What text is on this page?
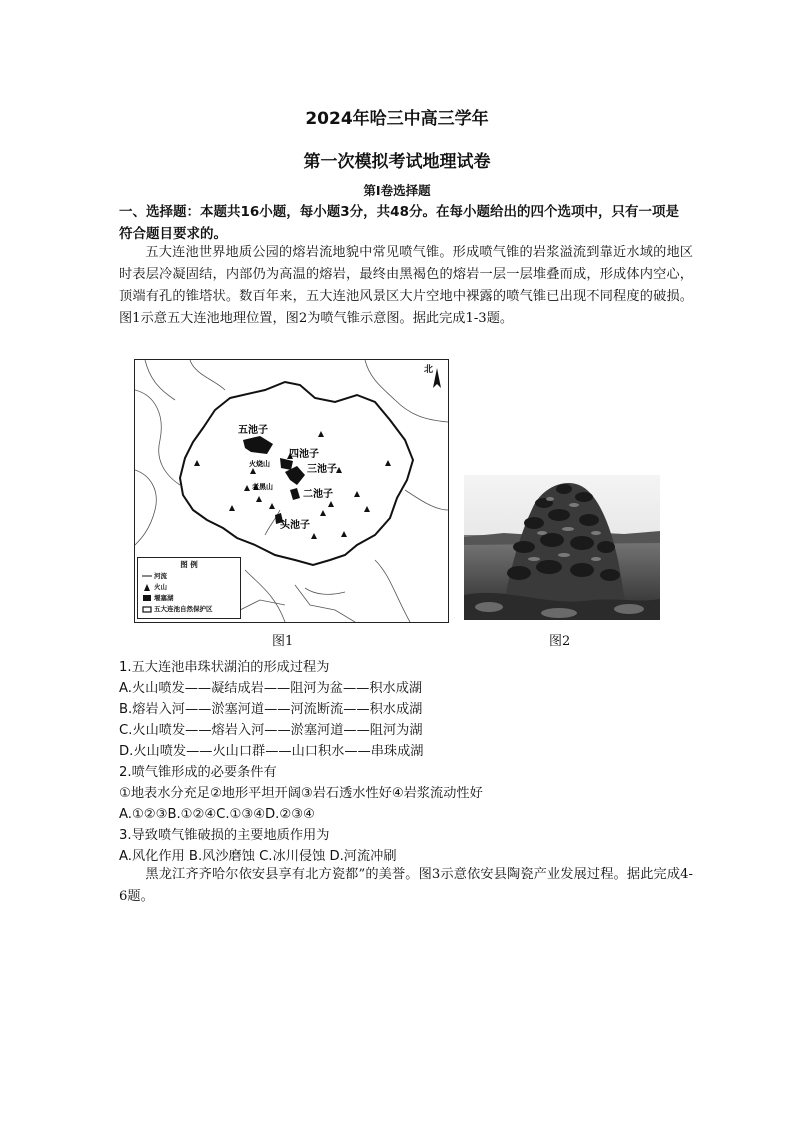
2024年哈三中高三学年
第一次模拟考试地理试卷
第Ⅰ卷选择题
一、选择题：本题共16小题，每小题3分，共48分。在每小题给出的四个选项中，只有一项是符合题目要求的。
五大连池世界地质公园的熔岩流地貌中常见喷气锥。形成喷气锥的岩浆溢流到靠近水域的地区时表层冷凝固结，内部仍为高温的熔岩，最终由黑褐色的熔岩一层一层堆叠而成，形成体内空心，顶端有孔的锥塔状。数百年来，五大连池风景区大片空地中裸露的喷气锥已出现不同程度的破损。图1示意五大连池地理位置，图2为喷气锥示意图。据此完成1-3题。
五池子
四池子
三池子
二池子
头池子
火烧山
老黑山
北
图 例
河流
火山
堰塞湖
五大连池自然保护区
图1	图2
1.五大连池串珠状湖泊的形成过程为
A.火山喷发——凝结成岩——阻河为盆——积水成湖
B.熔岩入河——淤塞河道——河流断流——积水成湖
C.火山喷发——熔岩入河——淤塞河道——阻河为湖
D.火山喷发——火山口群——山口积水——串珠成湖
2.喷气锥形成的必要条件有
①地表水分充足②地形平坦开阔③岩石透水性好④岩浆流动性好
A.①②③B.①②④C.①③④D.②③④
3.导致喷气锥破损的主要地质作用为
A.风化作用 B.风沙磨蚀 C.冰川侵蚀 D.河流冲刷
黑龙江齐齐哈尔依安县享有北方瓷都”的美誉。图3示意依安县陶瓷产业发展过程。据此完成4-6题。
